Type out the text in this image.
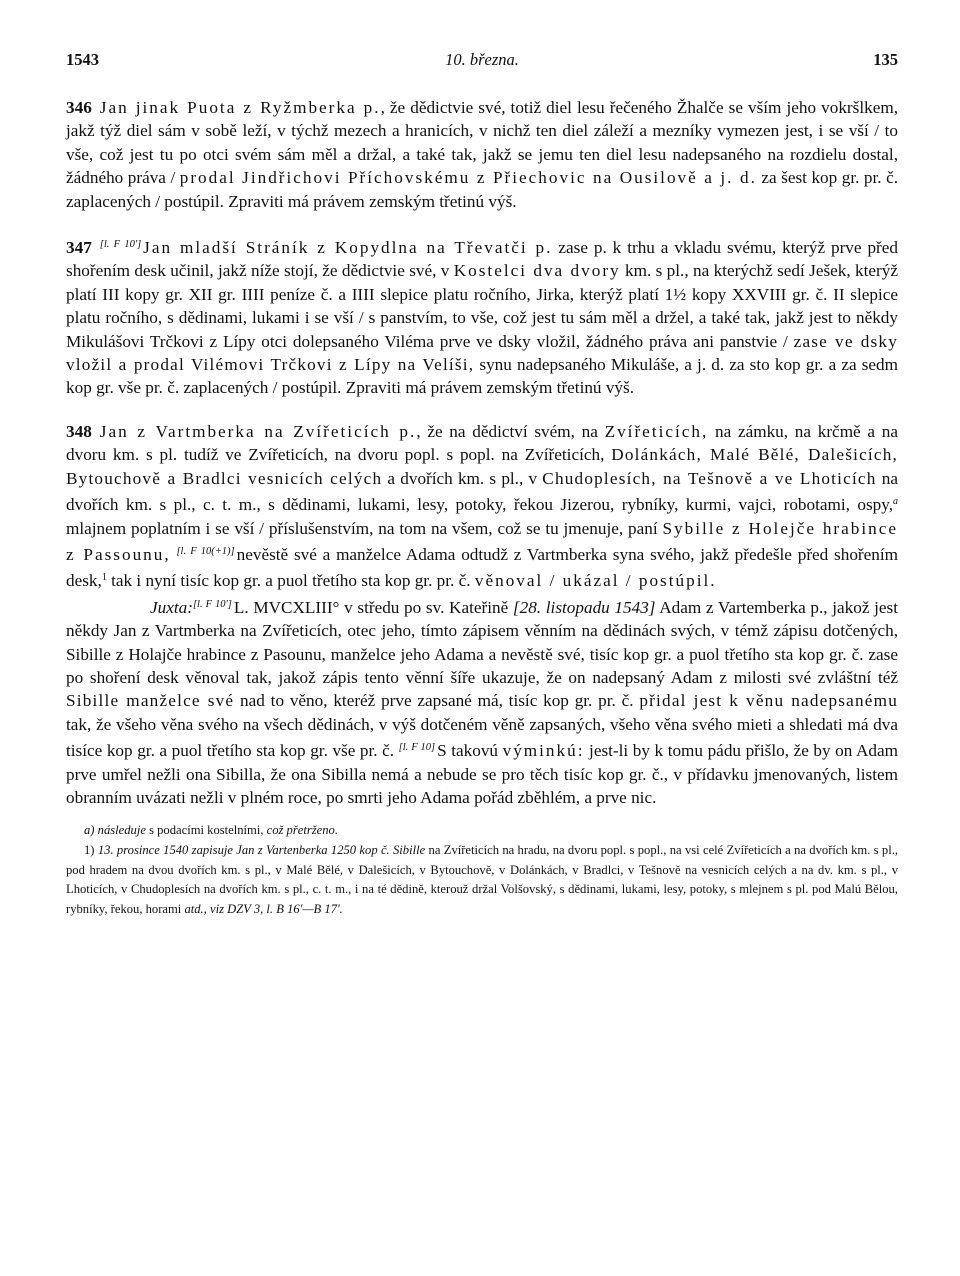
1543	10. března.	135

346 Jan jinak Puota z Ryžmberka p., že dědictvie své, totiž diel lesu řečeného Žhalče se vším jeho vokršlkem, jakž týž diel sám v sobě leží, v týchž mezech a hranicích, v nichž ten diel záleží a mezníky vymezen jest, i se vší / to vše, což jest tu po otci svém sám měl a držal, a také tak, jakž se jemu ten diel lesu nadepsaného na rozdielu dostal, žádného práva / prodal Jindřichovi Příchovskému z Přiechovic na Ousilově a j. d. za šest kop gr. pr. č. zaplacených / postúpil. Zpraviti má právem zemským třetinú výš.

347 [l. F 10'] Jan mladší Stráník z Kopydlna na Třevatči p. zase p. k trhu a vkladu svému, kterýž prve před shořením desk učinil, jakž níže stojí, že dědictvie své, v Kostelci dva dvory km. s pl., na kterýchž sedí Ješek, kterýž platí III kopy gr. XII gr. IIII peníze č. a IIII slepice platu ročního, Jirka, kterýž platí 1½ kopy XXVIII gr. č. II slepice platu ročního, s dědinami, lukami i se vší / s panstvím, to vše, což jest tu sám měl a držel, a také tak, jakž jest to někdy Mikulášovi Trčkovi z Lípy otci dolepsaného Viléma prve ve dsky vložil, žádného práva ani panstvie / zase ve dsky vložil a prodal Vilémovi Trčkovi z Lípy na Velíši, synu nadepsaného Mikuláše, a j. d. za sto kop gr. a za sedm kop gr. vše pr. č. zaplacených / postúpil. Zpraviti má právem zemským třetinú výš.

348 Jan z Vartmberka na Zvířeticích p., že na dědictví svém, na Zvířeticích, na zámku, na krčmě a na dvoru km. s pl. tudíž ve Zvířeticích, na dvoru popl. s popl. na Zvířeticích, Dolánkách, Malé Bělé, Dalešicích, Bytouchově a Bradlci vesnicích celých a dvořích km. s pl., v Chudoplesích, na Tešnově a ve Lhoticích na dvořích km. s pl., c. t. m., s dědinami, lukami, lesy, potoky, řekou Jizerou, rybníky, kurmi, vajci, robotami, ospy,$^a$ mlajnem poplatním i se vší / příslušenstvím, na tom na všem, což se tu jmenuje, paní Sybille z Holejče hrabince z Passounu, [l. F 10(+1)] nevěstě své a manželce Adama odtudž z Vartmberka syna svého, jakž předešle před shořením desk,$^1$ tak i nyní tisíc kop gr. a puol třetího sta kop gr. pr. č. věnoval / ukázal / postúpil.

Juxta:[l. F 10'] L. MVCXLIII° v středu po sv. Kateřině [28. listopadu 1543] Adam z Vartemberka p., jakož jest někdy Jan z Vartmberka na Zvířeticích, otec jeho, tímto zápisem věnním na dědinách svých, v témž zápisu dotčených, Sibille z Holajče hrabince z Pasounu, manželce jeho Adama a nevěstě své, tisíc kop gr. a puol třetího sta kop gr. č. zase po shoření desk věnoval tak, jakož zápis tento věnní šíře ukazuje, že on nadepsaný Adam z milosti své zvláštní též Sibille manželce své nad to věno, kteréž prve zapsané má, tisíc kop gr. pr. č. přidal jest k věnu nadepsanému tak, že všeho věna svého na všech dědinách, v výš dotčeném věně zapsaných, všeho věna svého mieti a shledati má dva tisíce kop gr. a puol třetího sta kop gr. vše pr. č. [l. F 10] S takovú výminkú: jest-li by k tomu pádu přišlo, že by on Adam prve umřel nežli ona Sibilla, že ona Sibilla nemá a nebude se pro těch tisíc kop gr. č., v přídavku jmenovaných, listem obranním uvázati nežli v plném roce, po smrti jeho Adama pořád zběhlém, a prve nic.

a) následuje s podacími kostelními, což přetrženo.

1) 13. prosince 1540 zapisuje Jan z Vartenberka 1250 kop č. Sibille na Zvířeticích na hradu, na dvoru popl. s popl., na vsi celé Zvířeticích a na dvořích km. s pl., pod hradem na dvou dvořích km. s pl., v Malé Bělé, v Dalešicích, v Bytouchově, v Dolánkách, v Bradlci, v Tešnově na vesnicích celých a na dv. km. s pl., v Lhoticích, v Chudoplesích na dvořích km. s pl., c. t. m., i na té dědině, kterouž držal Volšovský, s dědinami, lukami, lesy, potoky, s mlejnem s pl. pod Malú Bělou, rybníky, řekou, horami atd., viz DZV 3, l. B 16'—B 17'.
